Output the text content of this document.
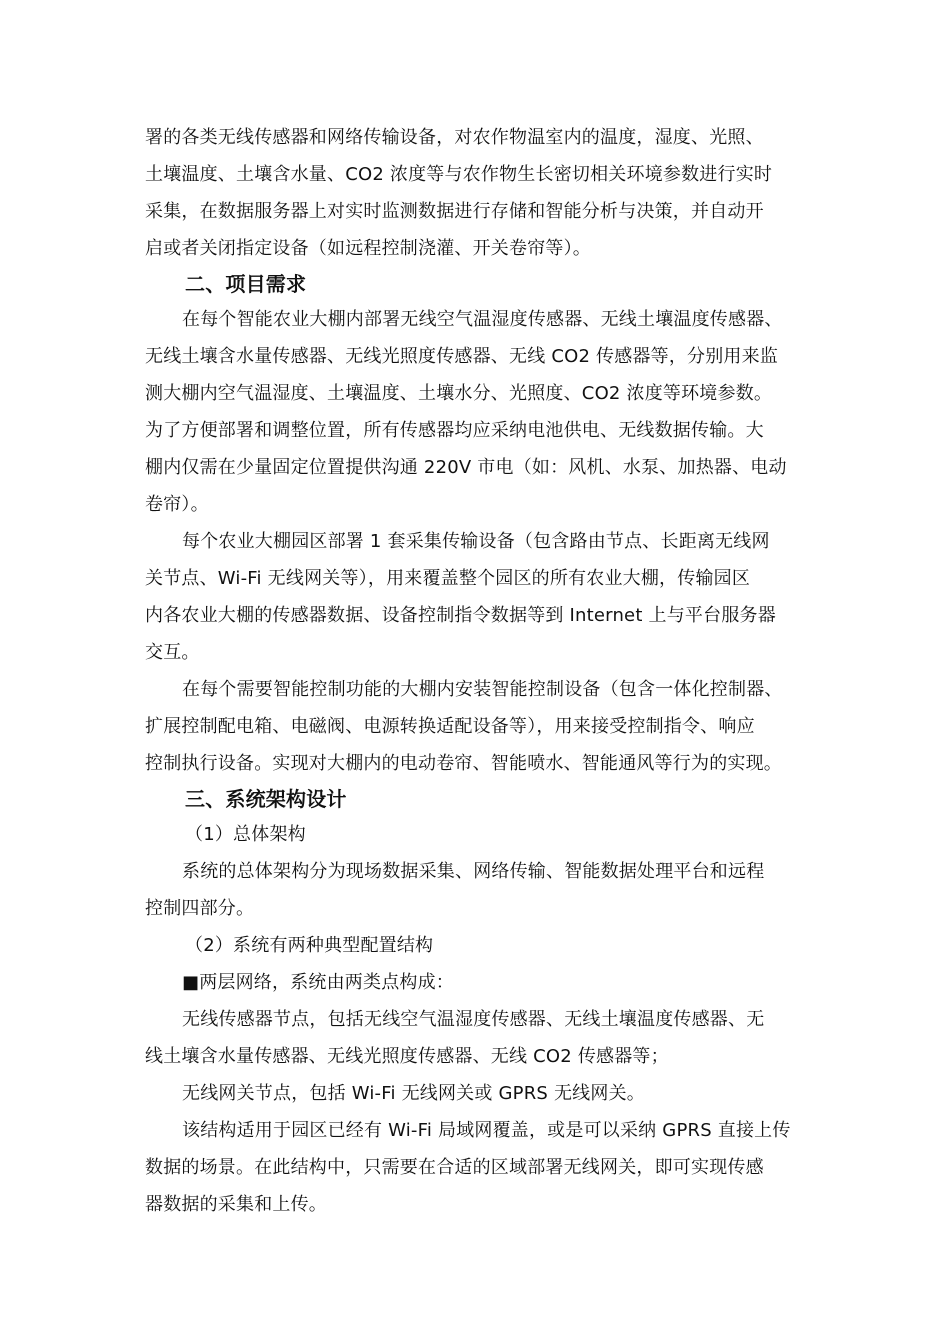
署的各类无线传感器和网络传输设备，对农作物温室内的温度，湿度、光照、
土壤温度、土壤含水量、CO2 浓度等与农作物生长密切相关环境参数进行实时
采集，在数据服务器上对实时监测数据进行存储和智能分析与决策，并自动开
启或者关闭指定设备（如远程控制浇灌、开关卷帘等）。
二、项目需求
在每个智能农业大棚内部署无线空气温湿度传感器、无线土壤温度传感器、
无线土壤含水量传感器、无线光照度传感器、无线 CO2 传感器等，分别用来监
测大棚内空气温湿度、土壤温度、土壤水分、光照度、CO2 浓度等环境参数。
为了方便部署和调整位置，所有传感器均应采纳电池供电、无线数据传输。大
棚内仅需在少量固定位置提供沟通 220V 市电（如：风机、水泵、加热器、电动
卷帘）。
每个农业大棚园区部署 1 套采集传输设备（包含路由节点、长距离无线网
关节点、Wi-Fi 无线网关等），用来覆盖整个园区的所有农业大棚，传输园区
内各农业大棚的传感器数据、设备控制指令数据等到 Internet 上与平台服务器
交互。
在每个需要智能控制功能的大棚内安装智能控制设备（包含一体化控制器、
扩展控制配电箱、电磁阀、电源转换适配设备等），用来接受控制指令、响应
控制执行设备。实现对大棚内的电动卷帘、智能喷水、智能通风等行为的实现。
三、系统架构设计
（1）总体架构
系统的总体架构分为现场数据采集、网络传输、智能数据处理平台和远程
控制四部分。
（2）系统有两种典型配置结构
■两层网络，系统由两类点构成：
无线传感器节点，包括无线空气温湿度传感器、无线土壤温度传感器、无
线土壤含水量传感器、无线光照度传感器、无线 CO2 传感器等；
无线网关节点，包括 Wi-Fi 无线网关或 GPRS 无线网关。
该结构适用于园区已经有 Wi-Fi 局域网覆盖，或是可以采纳 GPRS 直接上传
数据的场景。在此结构中，只需要在合适的区域部署无线网关，即可实现传感
器数据的采集和上传。
